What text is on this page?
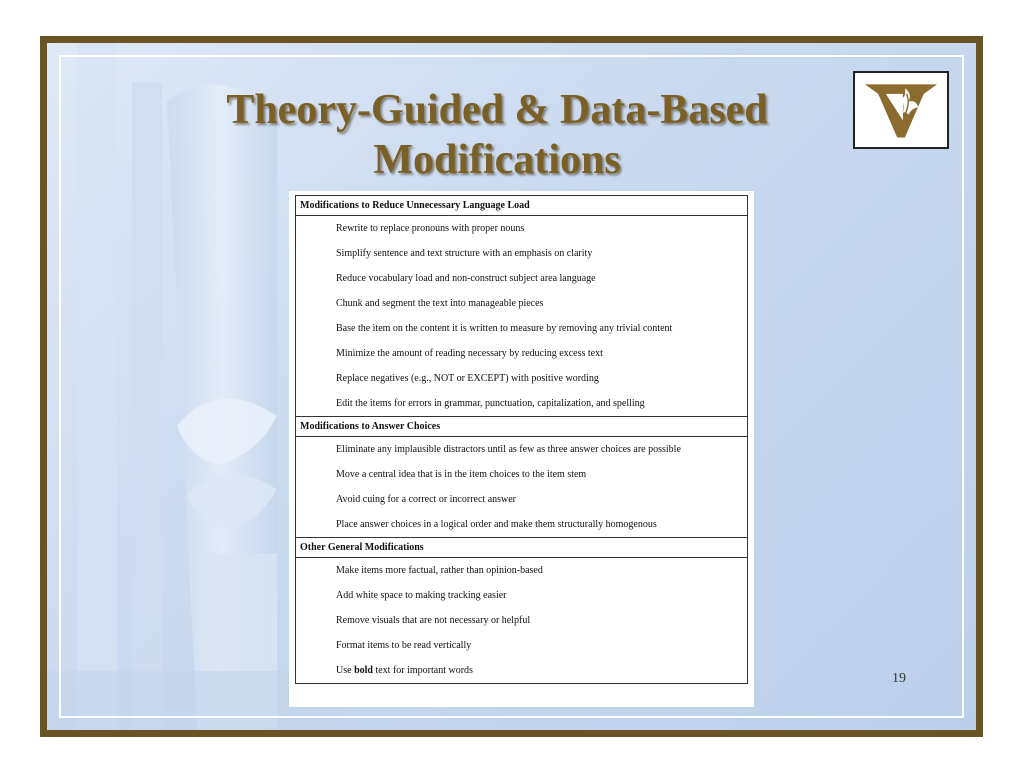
Theory-Guided & Data-Based
Modifications
Modifications to Reduce Unnecessary Language Load
Rewrite to replace pronouns with proper nouns
Simplify sentence and text structure with an emphasis on clarity
Reduce vocabulary load and non-construct subject area language
Chunk and segment the text into manageable pieces
Base the item on the content it is written to measure by removing any trivial content
Minimize the amount of reading necessary by reducing excess text
Replace negatives (e.g., NOT or EXCEPT) with positive wording
Edit the items for errors in grammar, punctuation, capitalization, and spelling
Modifications to Answer Choices
Eliminate any implausible distractors until as few as three answer choices are possible
Move a central idea that is in the item choices to the item stem
Avoid cuing for a correct or incorrect answer
Place answer choices in a logical order and make them structurally homogenous
Other General Modifications
Make items more factual, rather than opinion-based
Add white space to making tracking easier
Remove visuals that are not necessary or helpful
Format items to be read vertically
Use bold text for important words
19
